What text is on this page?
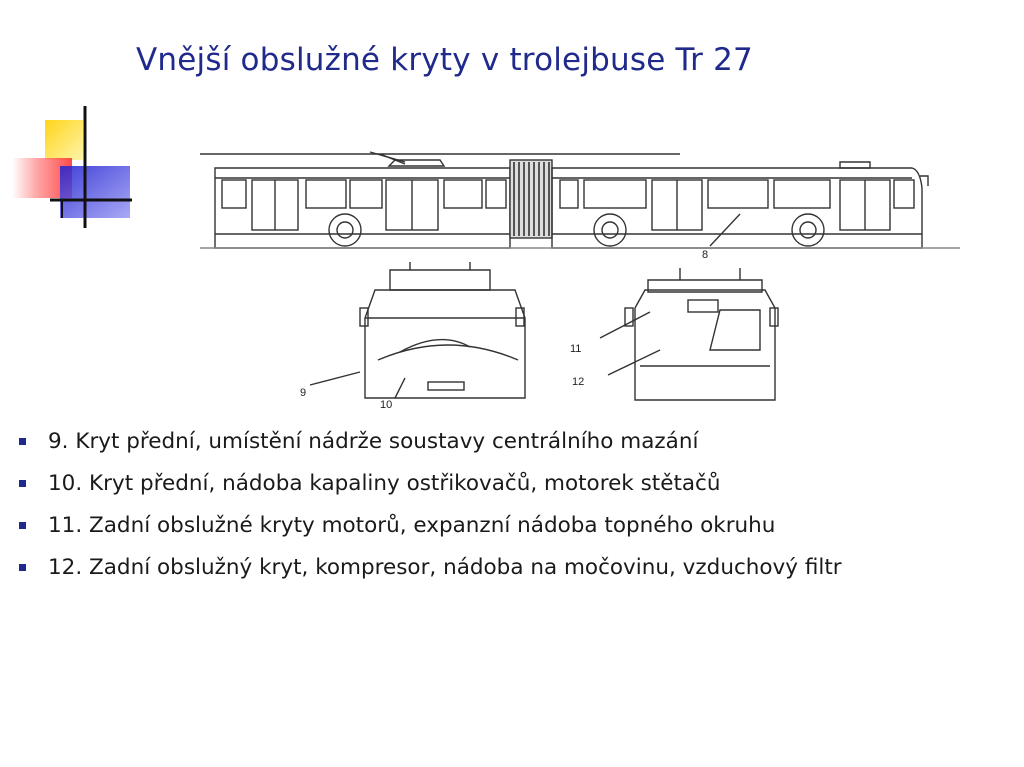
Vnější obslužné kryty v trolejbuse Tr 27
8
9
10
11
12
9. Kryt přední, umístění nádrže soustavy centrálního mazání
10. Kryt přední, nádoba kapaliny ostřikovačů, motorek stětačů
11. Zadní obslužné kryty motorů, expanzní nádoba topného okruhu
12. Zadní obslužný kryt, kompresor, nádoba na močovinu, vzduchový filtr
